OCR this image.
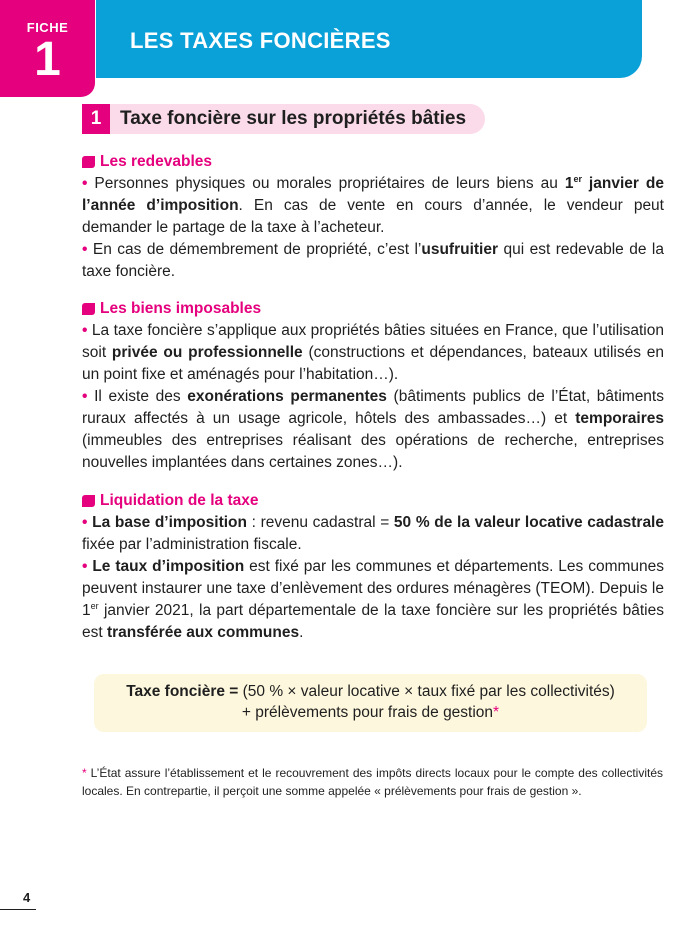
FICHE
1	LES TAXES FONCIÈRES
1 Taxe foncière sur les propriétés bâties
Les redevables

• Personnes physiques ou morales propriétaires de leurs biens au 1er janvier de l’année d’imposition. En cas de vente en cours d’année, le vendeur peut demander le partage de la taxe à l’acheteur.

• En cas de démembrement de propriété, c’est l’usufruitier qui est redevable de la taxe foncière.

Les biens imposables

• La taxe foncière s’applique aux propriétés bâties situées en France, que l’utilisation soit privée ou professionnelle (constructions et dépendances, bateaux utilisés en un point fixe et aménagés pour l’habitation…).

• Il existe des exonérations permanentes (bâtiments publics de l’État, bâtiments ruraux affectés à un usage agricole, hôtels des ambassades…) et temporaires (immeubles des entreprises réalisant des opérations de recherche, entreprises nouvelles implantées dans certaines zones…).

Liquidation de la taxe

• La base d’imposition : revenu cadastral = 50 % de la valeur locative cadastrale fixée par l’administration fiscale.

• Le taux d’imposition est fixé par les communes et départements. Les communes peuvent instaurer une taxe d’enlèvement des ordures ménagères (TEOM). Depuis le 1er janvier 2021, la part départementale de la taxe foncière sur les propriétés bâties est transférée aux communes.

Taxe foncière = (50 % × valeur locative × taux fixé par les collectivités)
+ prélèvements pour frais de gestion*
* L’État assure l’établissement et le recouvrement des impôts directs locaux pour le compte des collectivités locales. En contrepartie, il perçoit une somme appelée « prélèvements pour frais de gestion ».
4
